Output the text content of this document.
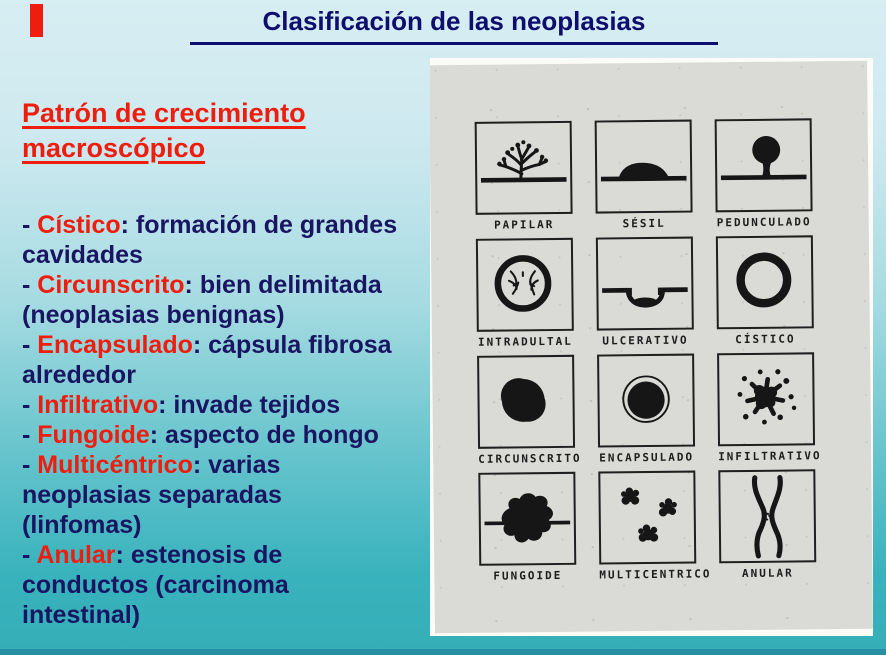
Clasificación de las neoplasias
Patrón de crecimiento macroscópico

- Cístico: formación de grandes cavidades

- Circunscrito: bien delimitada (neoplasias benignas)

- Encapsulado: cápsula fibrosa alrededor

- Infiltrativo: invade tejidos

- Fungoide: aspecto de hongo

- Multicéntrico: varias neoplasias separadas (linfomas)

- Anular: estenosis de conductos (carcinoma intestinal)

PAPILAR	SÉSIL	PEDUNCULADO
INTRADULTAL	ULCERATIVO	CÍSTICO
CIRCUNSCRITO ENCAPSULADO INFILTRATIVO
FUNGOIDE	MULTICENTRICO	ANULAR
